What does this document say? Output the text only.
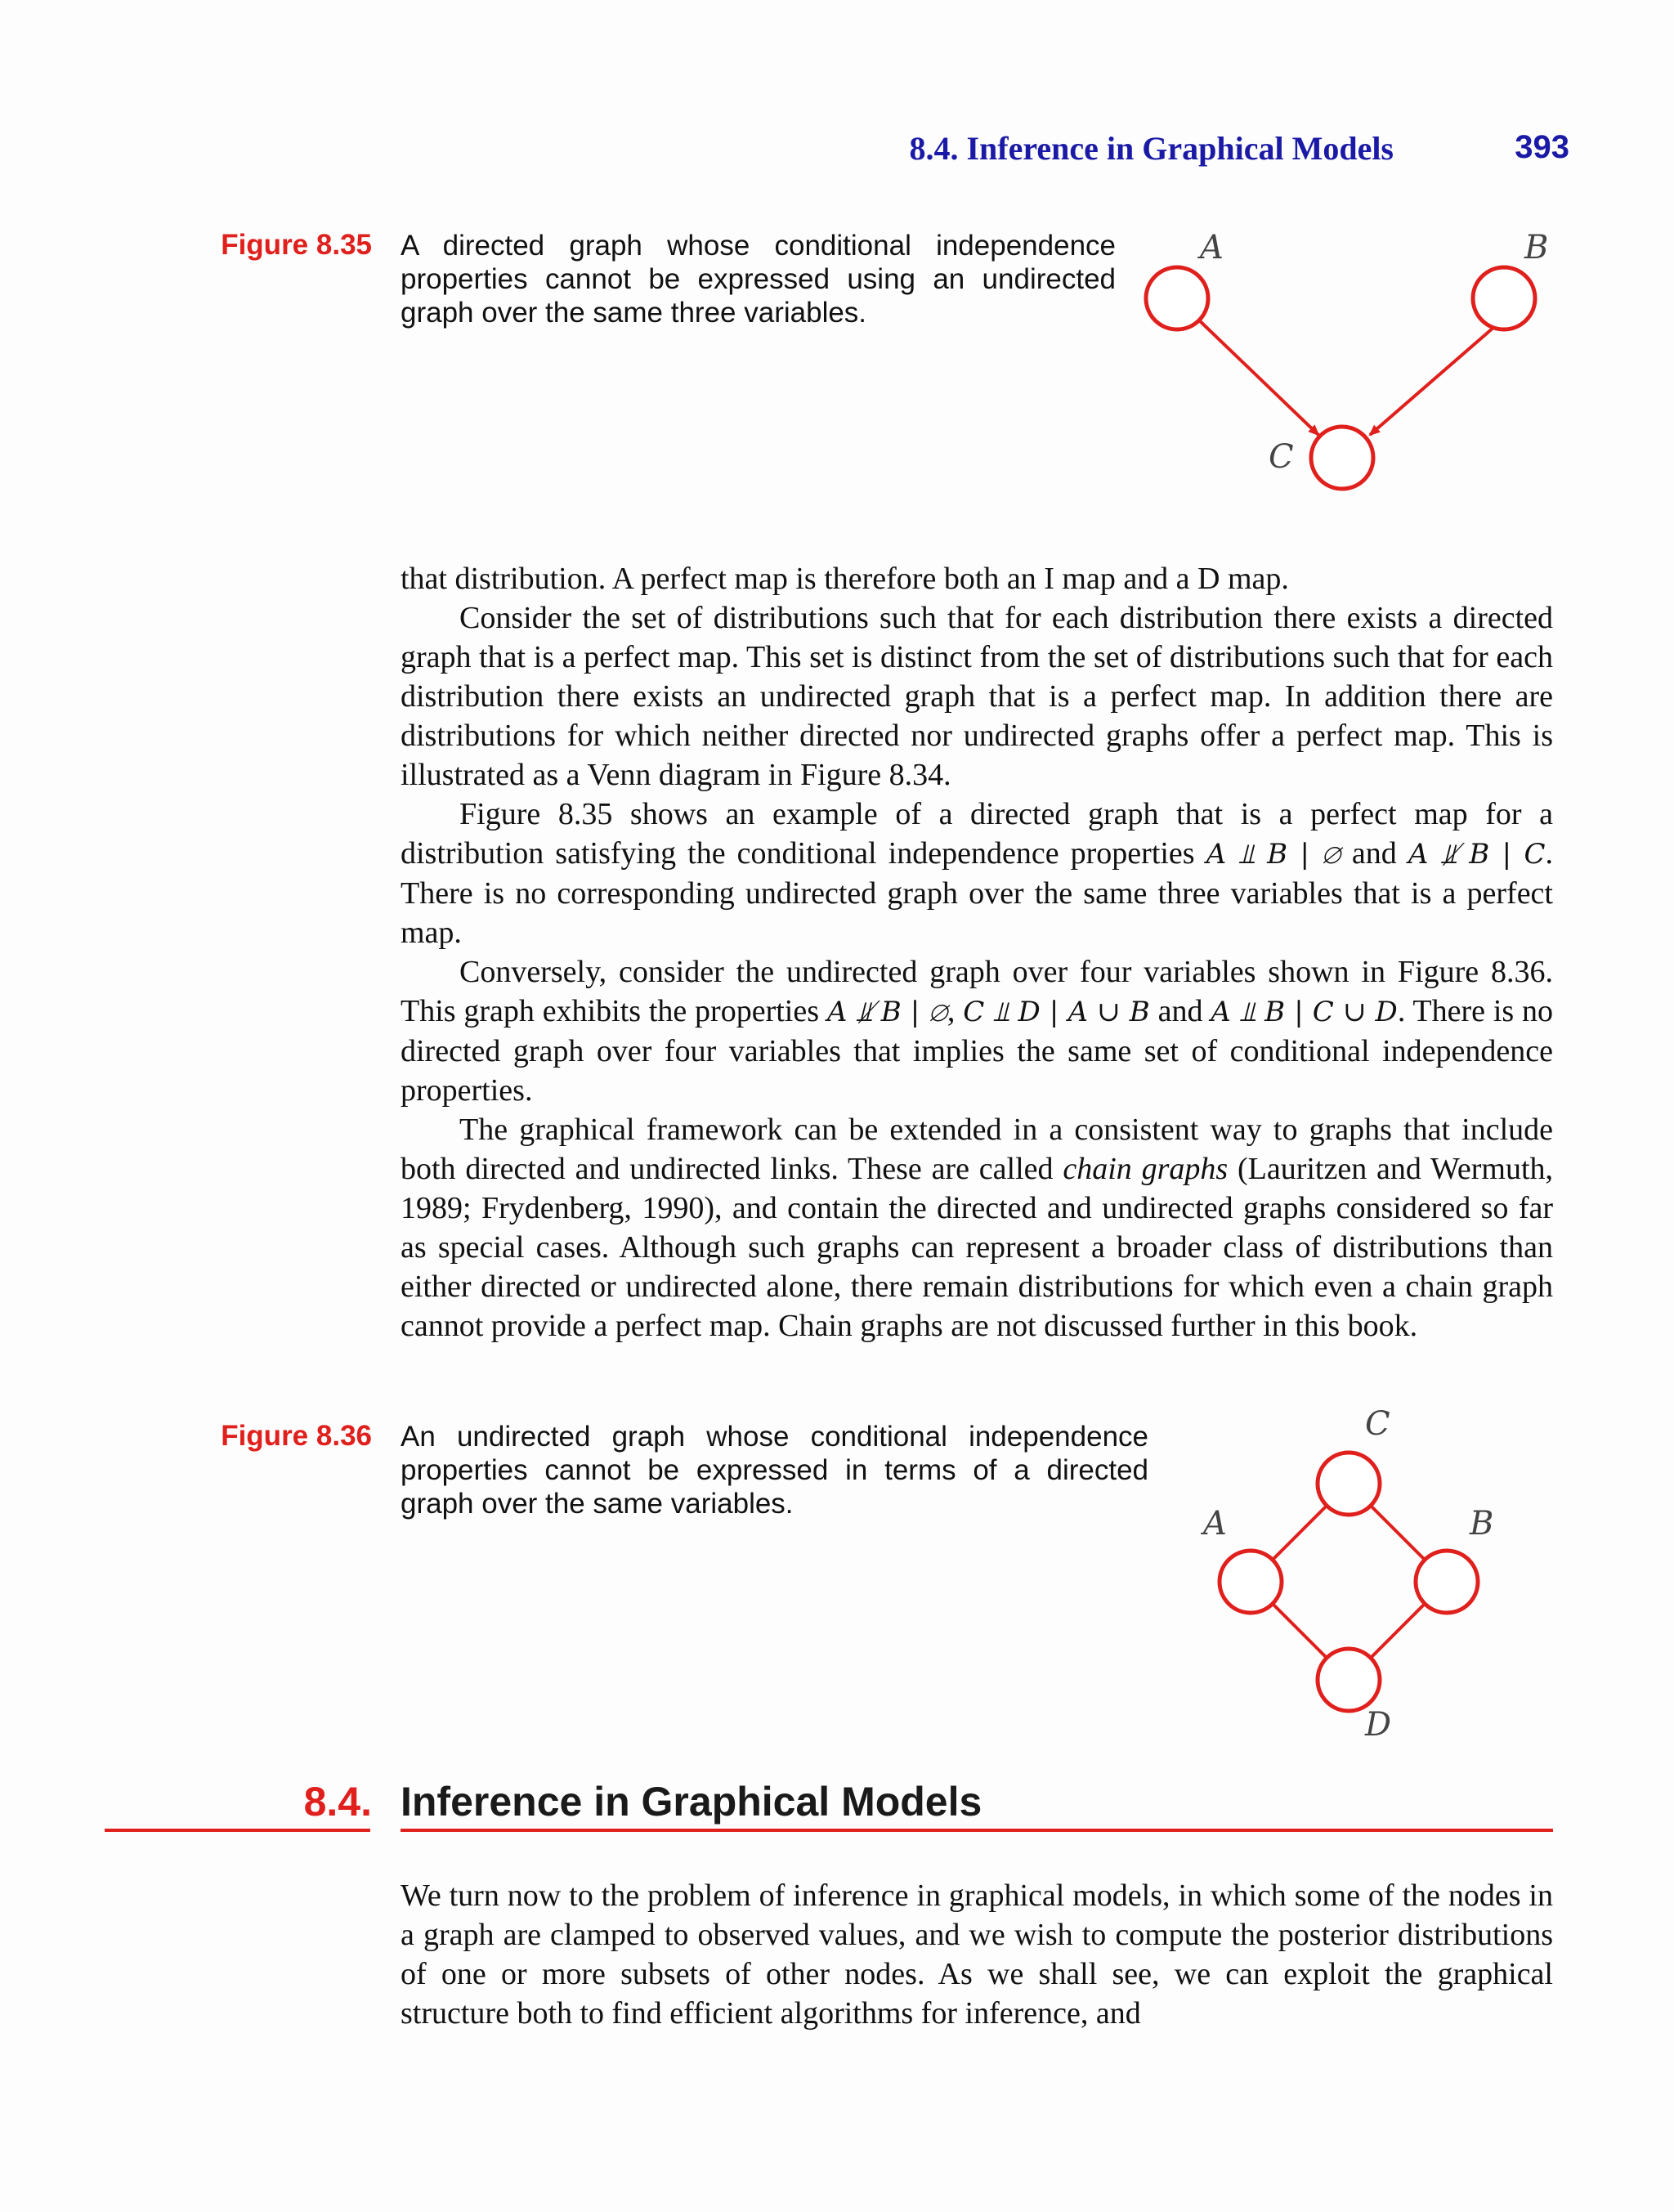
8.4. Inference in Graphical Models	393
Figure 8.35 A directed graph whose conditional independence properties cannot be expressed using an undirected graph over the same three variables.
A	B
C

that distribution. A perfect map is therefore both an I map and a D map.

Consider the set of distributions such that for each distribution there exists a directed graph that is a perfect map. This set is distinct from the set of distributions such that for each distribution there exists an undirected graph that is a perfect map. In addition there are distributions for which neither directed nor undirected graphs offer a perfect map. This is illustrated as a Venn diagram in Figure 8.34.

Figure 8.35 shows an example of a directed graph that is a perfect map for a distribution satisfying the conditional independence properties A ⫫ B | ∅ and A ⫫̸ B | C. There is no corresponding undirected graph over the same three variables that is a perfect map.

Conversely, consider the undirected graph over four variables shown in Figure 8.36. This graph exhibits the properties A ⫫̸ B | ∅, C ⫫ D | A ∪ B and A ⫫ B | C ∪ D. There is no directed graph over four variables that implies the same set of conditional independence properties.

The graphical framework can be extended in a consistent way to graphs that include both directed and undirected links. These are called chain graphs (Lauritzen and Wermuth, 1989; Frydenberg, 1990), and contain the directed and undirected graphs considered so far as special cases. Although such graphs can represent a broader class of distributions than either directed or undirected alone, there remain distributions for which even a chain graph cannot provide a perfect map. Chain graphs are not discussed further in this book.

Figure 8.36 An undirected graph whose conditional independence properties cannot be expressed in terms of a directed graph over the same variables.
C
A	B
D
8.4. Inference in Graphical Models

We turn now to the problem of inference in graphical models, in which some of the nodes in a graph are clamped to observed values, and we wish to compute the posterior distributions of one or more subsets of other nodes. As we shall see, we can exploit the graphical structure both to find efficient algorithms for inference, and
